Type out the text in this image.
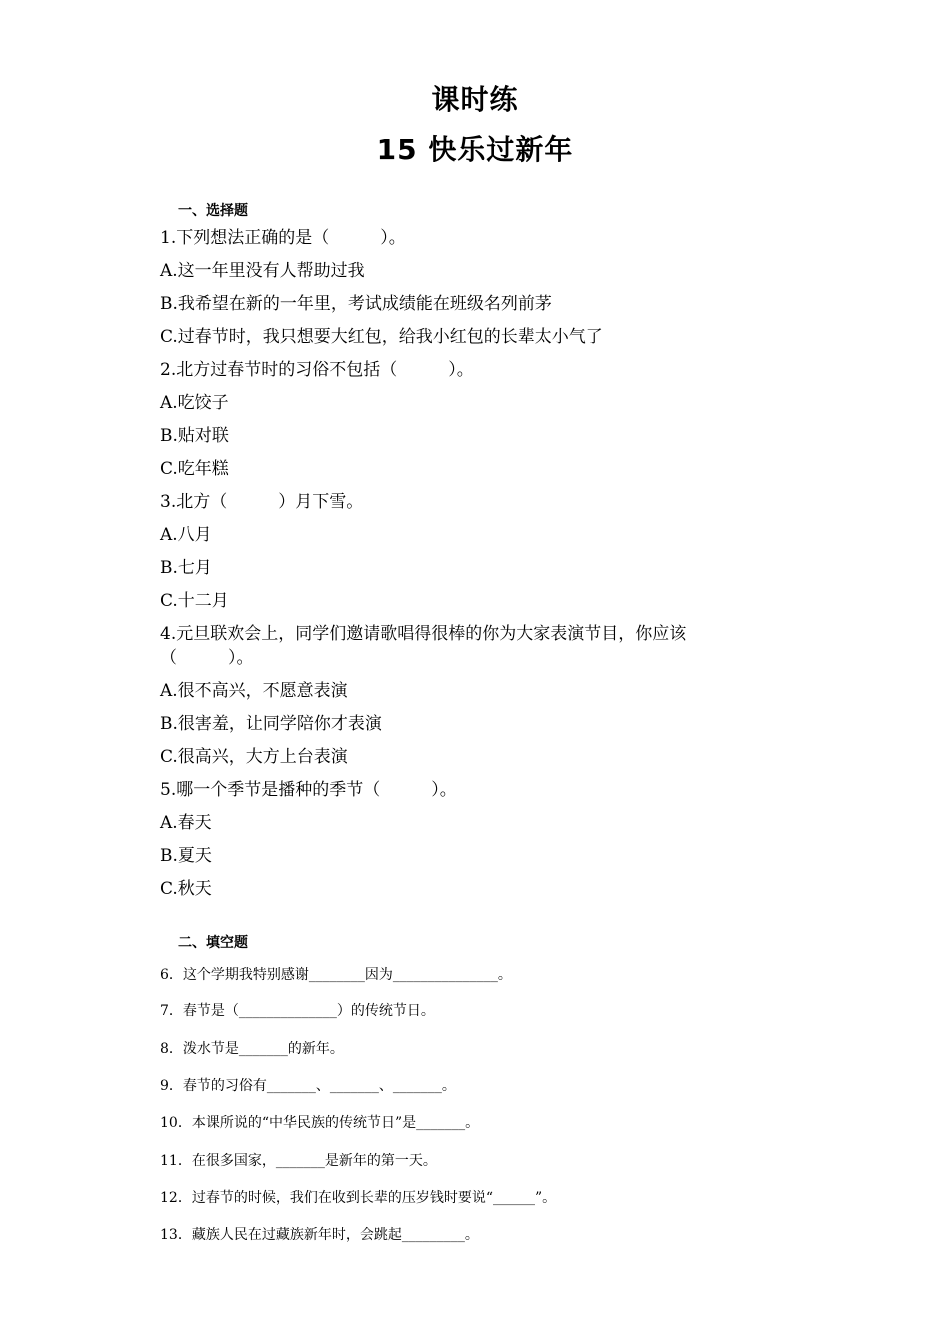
课时练
15 快乐过新年
一、选择题
1.下列想法正确的是（　　　）。
A.这一年里没有人帮助过我
B.我希望在新的一年里，考试成绩能在班级名列前茅
C.过春节时，我只想要大红包，给我小红包的长辈太小气了
2.北方过春节时的习俗不包括（　　　）。
A.吃饺子
B.贴对联
C.吃年糕
3.北方（　　　）月下雪。
A.八月
B.七月
C.十二月
4.元旦联欢会上，同学们邀请歌唱得很棒的你为大家表演节目，你应该
（　　　）。
A.很不高兴，不愿意表演
B.很害羞，让同学陪你才表演
C.很高兴，大方上台表演
5.哪一个季节是播种的季节（　　　）。
A.春天
B.夏天
C.秋天
二、填空题
6．这个学期我特别感谢________因为_______________。
7．春节是（______________）的传统节日。
8．泼水节是_______的新年。
9．春节的习俗有_______、_______、_______。
10．本课所说的“中华民族的传统节日”是_______。
11．在很多国家，_______是新年的第一天。
12．过春节的时候，我们在收到长辈的压岁钱时要说“______”。
13．藏族人民在过藏族新年时，会跳起_________。
